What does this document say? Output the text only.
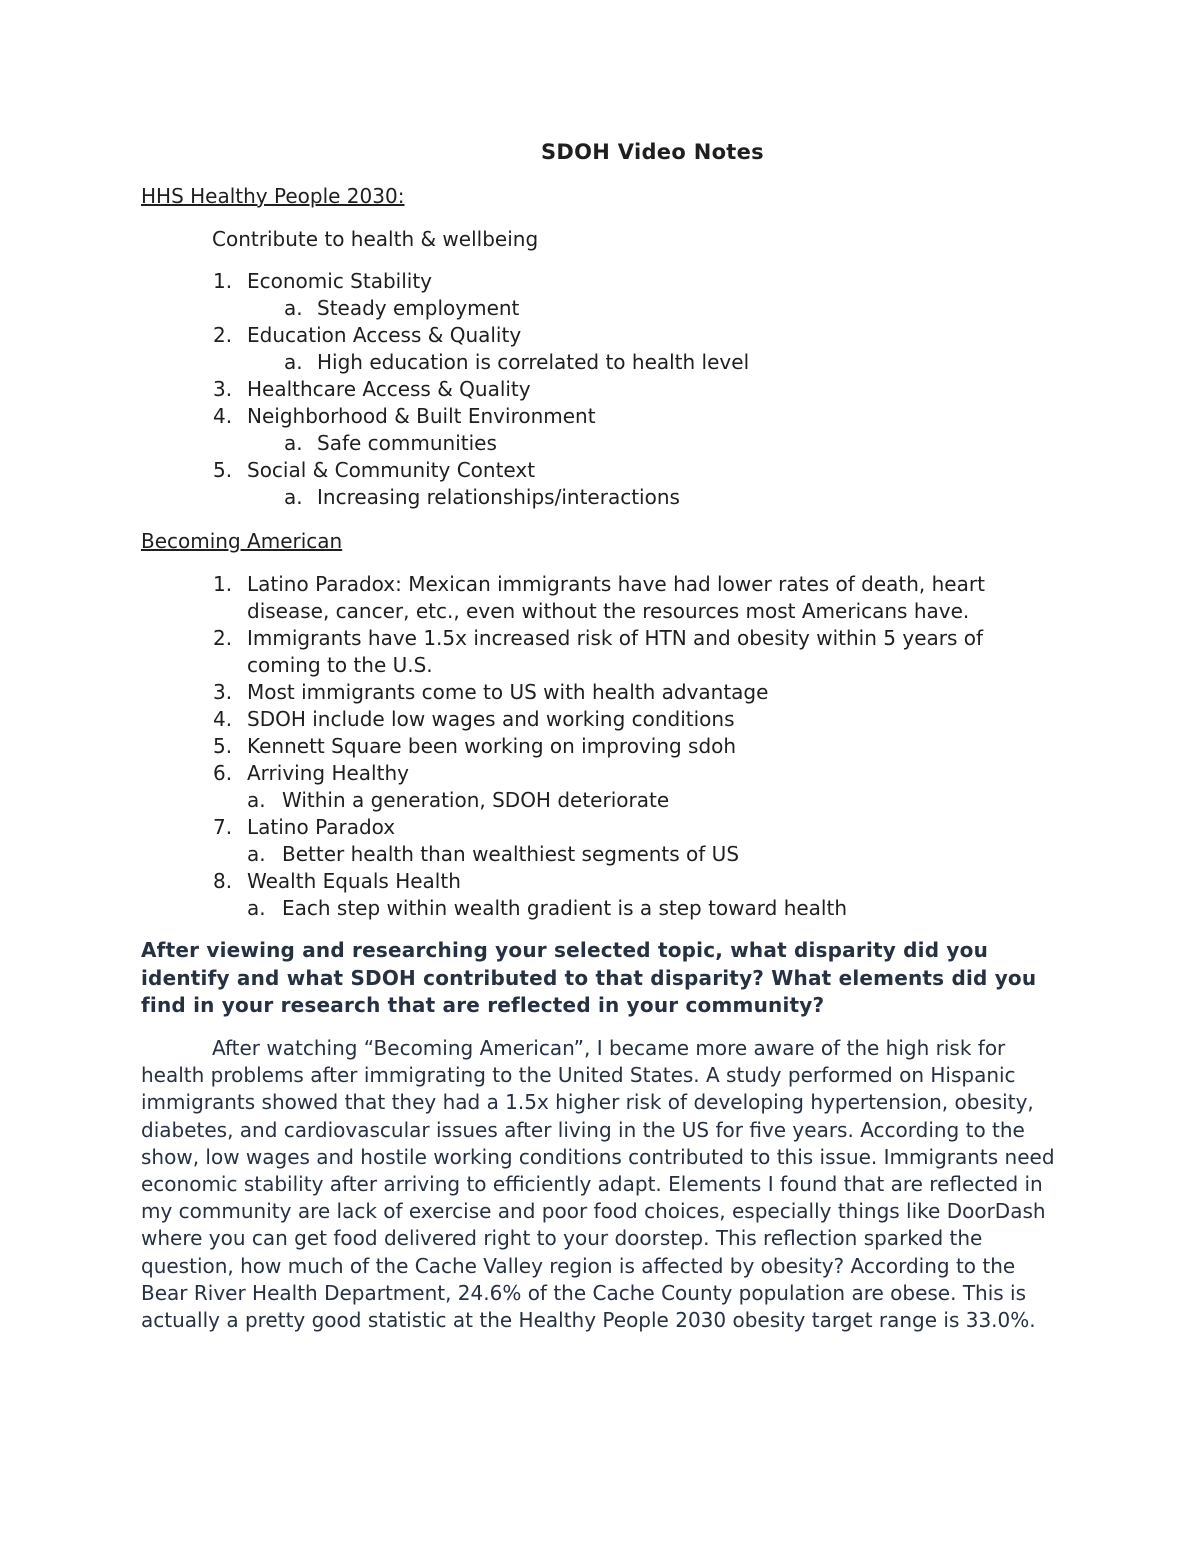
SDOH Video Notes
HHS Healthy People 2030:
Contribute to health & wellbeing
1. Economic Stability
a. Steady employment
2. Education Access & Quality
a. High education is correlated to health level
3. Healthcare Access & Quality
4. Neighborhood & Built Environment
a. Safe communities
5. Social & Community Context
a. Increasing relationships/interactions
Becoming American
1. Latino Paradox: Mexican immigrants have had lower rates of death, heart disease, cancer, etc., even without the resources most Americans have.
2. Immigrants have 1.5x increased risk of HTN and obesity within 5 years of coming to the U.S.
3. Most immigrants come to US with health advantage
4. SDOH include low wages and working conditions
5. Kennett Square been working on improving sdoh
6. Arriving Healthy
a. Within a generation, SDOH deteriorate
7. Latino Paradox
a. Better health than wealthiest segments of US
8. Wealth Equals Health
a. Each step within wealth gradient is a step toward health
After viewing and researching your selected topic, what disparity did you identify and what SDOH contributed to that disparity? What elements did you find in your research that are reflected in your community?
After watching “Becoming American”, I became more aware of the high risk for health problems after immigrating to the United States. A study performed on Hispanic immigrants showed that they had a 1.5x higher risk of developing hypertension, obesity, diabetes, and cardiovascular issues after living in the US for five years. According to the show, low wages and hostile working conditions contributed to this issue. Immigrants need economic stability after arriving to efficiently adapt. Elements I found that are reflected in my community are lack of exercise and poor food choices, especially things like DoorDash where you can get food delivered right to your doorstep. This reflection sparked the question, how much of the Cache Valley region is affected by obesity? According to the Bear River Health Department, 24.6% of the Cache County population are obese. This is actually a pretty good statistic at the Healthy People 2030 obesity target range is 33.0%.
